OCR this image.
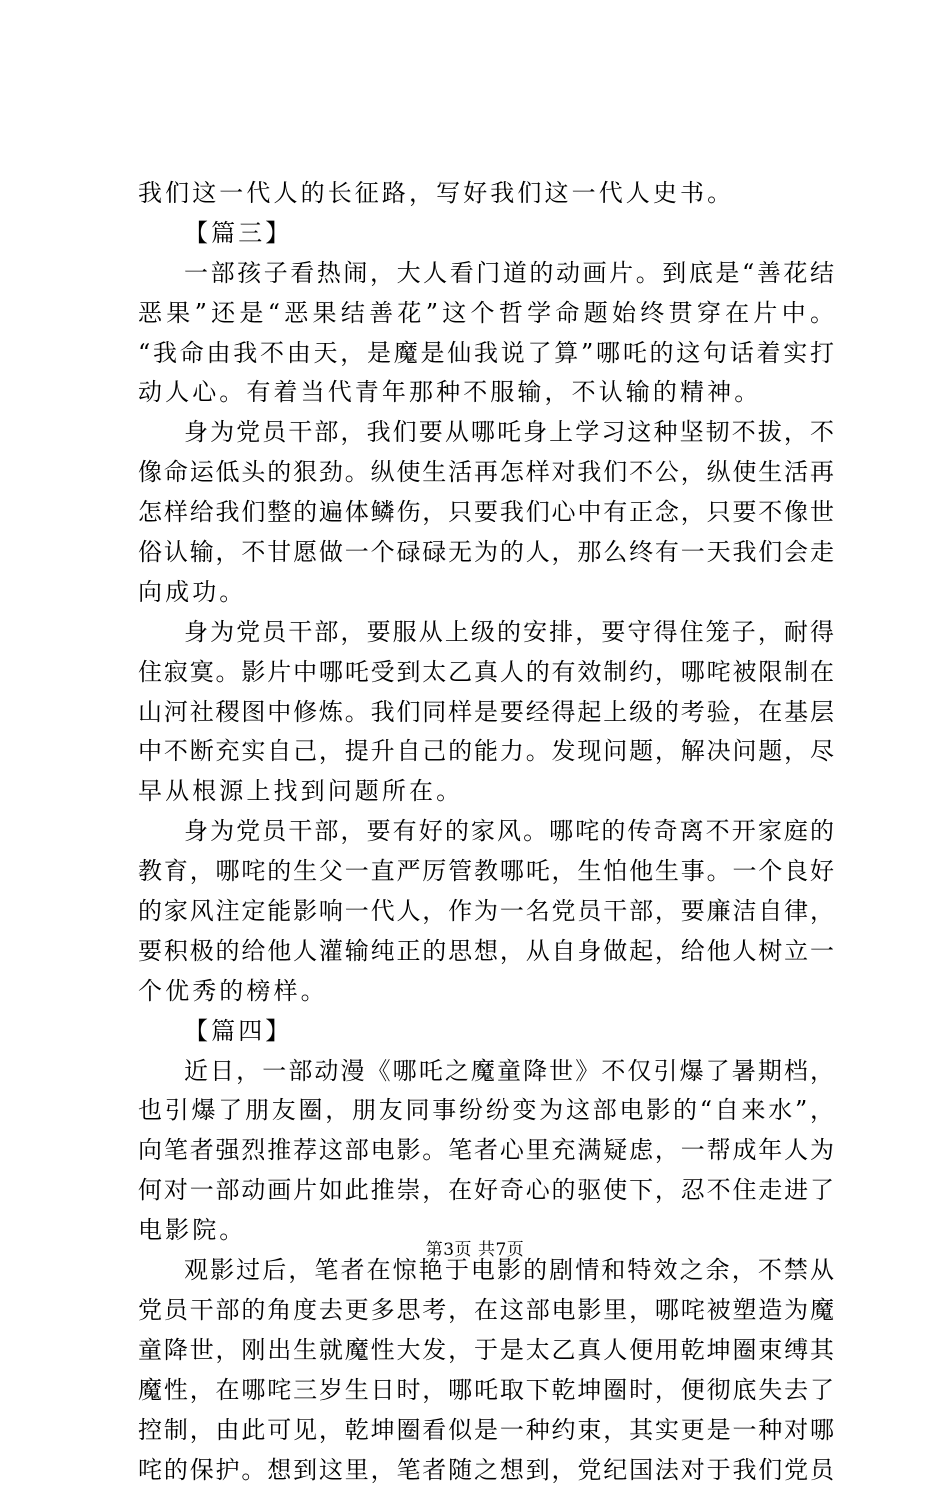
我们这一代人的长征路，写好我们这一代人史书。
【篇三】
一部孩子看热闹，大人看门道的动画片。到底是“善花结
恶果”还是“恶果结善花”这个哲学命题始终贯穿在片中。
“我命由我不由天，是魔是仙我说了算”哪吒的这句话着实打
动人心。有着当代青年那种不服输，不认输的精神。
身为党员干部，我们要从哪吒身上学习这种坚韧不拔，不
像命运低头的狠劲。纵使生活再怎样对我们不公，纵使生活再
怎样给我们整的遍体鳞伤，只要我们心中有正念，只要不像世
俗认输，不甘愿做一个碌碌无为的人，那么终有一天我们会走
向成功。
身为党员干部，要服从上级的安排，要守得住笼子，耐得
住寂寞。影片中哪吒受到太乙真人的有效制约，哪咤被限制在
山河社稷图中修炼。我们同样是要经得起上级的考验，在基层
中不断充实自己，提升自己的能力。发现问题，解决问题，尽
早从根源上找到问题所在。
身为党员干部，要有好的家风。哪咤的传奇离不开家庭的
教育，哪咤的生父一直严厉管教哪吒，生怕他生事。一个良好
的家风注定能影响一代人，作为一名党员干部，要廉洁自律，
要积极的给他人灌输纯正的思想，从自身做起，给他人树立一
个优秀的榜样。
【篇四】
近日，一部动漫《哪吒之魔童降世》不仅引爆了暑期档，
也引爆了朋友圈，朋友同事纷纷变为这部电影的“自来水”，
向笔者强烈推荐这部电影。笔者心里充满疑虑，一帮成年人为
何对一部动画片如此推崇，在好奇心的驱使下，忍不住走进了
电影院。
观影过后，笔者在惊艳于电影的剧情和特效之余，不禁从
党员干部的角度去更多思考，在这部电影里，哪咤被塑造为魔
童降世，刚出生就魔性大发，于是太乙真人便用乾坤圈束缚其
魔性，在哪咤三岁生日时，哪吒取下乾坤圈时，便彻底失去了
控制，由此可见，乾坤圈看似是一种约束，其实更是一种对哪
咤的保护。想到这里，笔者随之想到，党纪国法对于我们党员
第3页 共7页
